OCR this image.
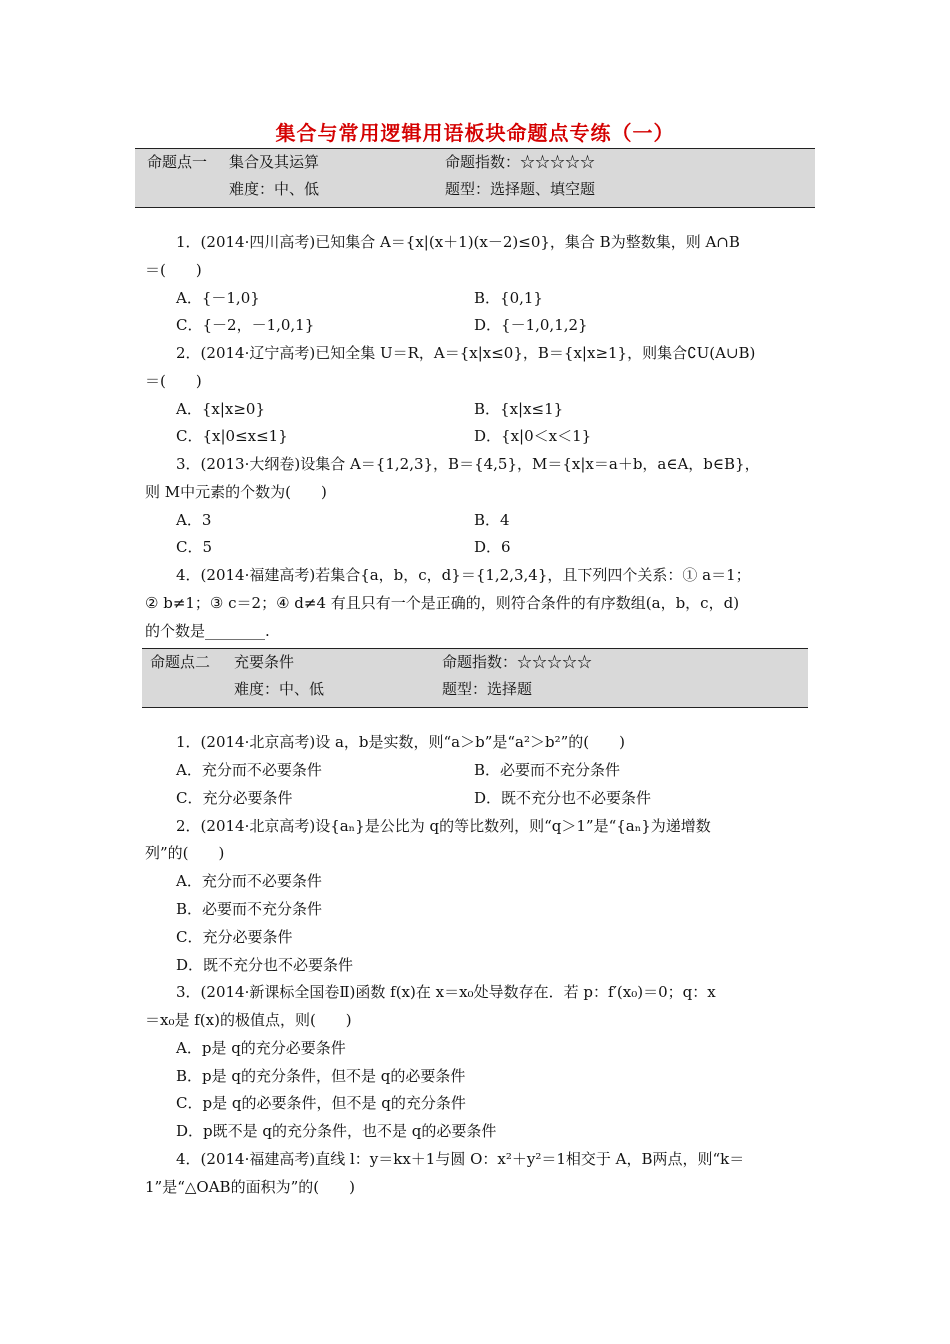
集合与常用逻辑用语板块命题点专练（一）
命题点一 集合及其运算	命题指数：☆☆☆☆☆
难度：中、低	题型：选择题、填空题
1．(2014·四川高考)已知集合 A＝{x|(x＋1)(x－2)≤0}，集合 B为整数集，则 A∩B
＝(　　)
A．{－1,0}	B．{0,1}
C．{－2，－1,0,1}	D．{－1,0,1,2}
2．(2014·辽宁高考)已知全集 U＝R，A＝{x|x≤0}，B＝{x|x≥1}，则集合∁U(A∪B)
＝(　　)
A．{x|x≥0}	B．{x|x≤1}
C．{x|0≤x≤1}	D．{x|0＜x＜1}
3．(2013·大纲卷)设集合 A＝{1,2,3}，B＝{4,5}，M＝{x|x＝a＋b，a∈A，b∈B}，
则 M中元素的个数为(　　)
A．3	B．4
C．5	D．6
4．(2014·福建高考)若集合{a，b，c，d}＝{1,2,3,4}，且下列四个关系：① a＝1；
② b≠1；③ c＝2；④ d≠4 有且只有一个是正确的，则符合条件的有序数组(a，b，c，d)
的个数是________.
命题点二 充要条件	命题指数：☆☆☆☆☆
难度：中、低	题型：选择题
1．(2014·北京高考)设 a，b是实数，则“a＞b”是“a²＞b²”的(　　)
A．充分而不必要条件	B．必要而不充分条件
C．充分必要条件	D．既不充分也不必要条件
2．(2014·北京高考)设{aₙ}是公比为 q的等比数列，则“q＞1”是“{aₙ}为递增数
列”的(　　)
A．充分而不必要条件
B．必要而不充分条件
C．充分必要条件
D．既不充分也不必要条件
3．(2014·新课标全国卷Ⅱ)函数 f(x)在 x＝x₀处导数存在．若 p：f′(x₀)＝0；q：x
＝x₀是 f(x)的极值点，则(　　)
A．p是 q的充分必要条件
B．p是 q的充分条件，但不是 q的必要条件
C．p是 q的必要条件，但不是 q的充分条件
D．p既不是 q的充分条件，也不是 q的必要条件
4．(2014·福建高考)直线 l：y＝kx＋1与圆 O：x²＋y²＝1相交于 A，B两点，则“k＝
1”是“△OAB的面积为”的(　　)
